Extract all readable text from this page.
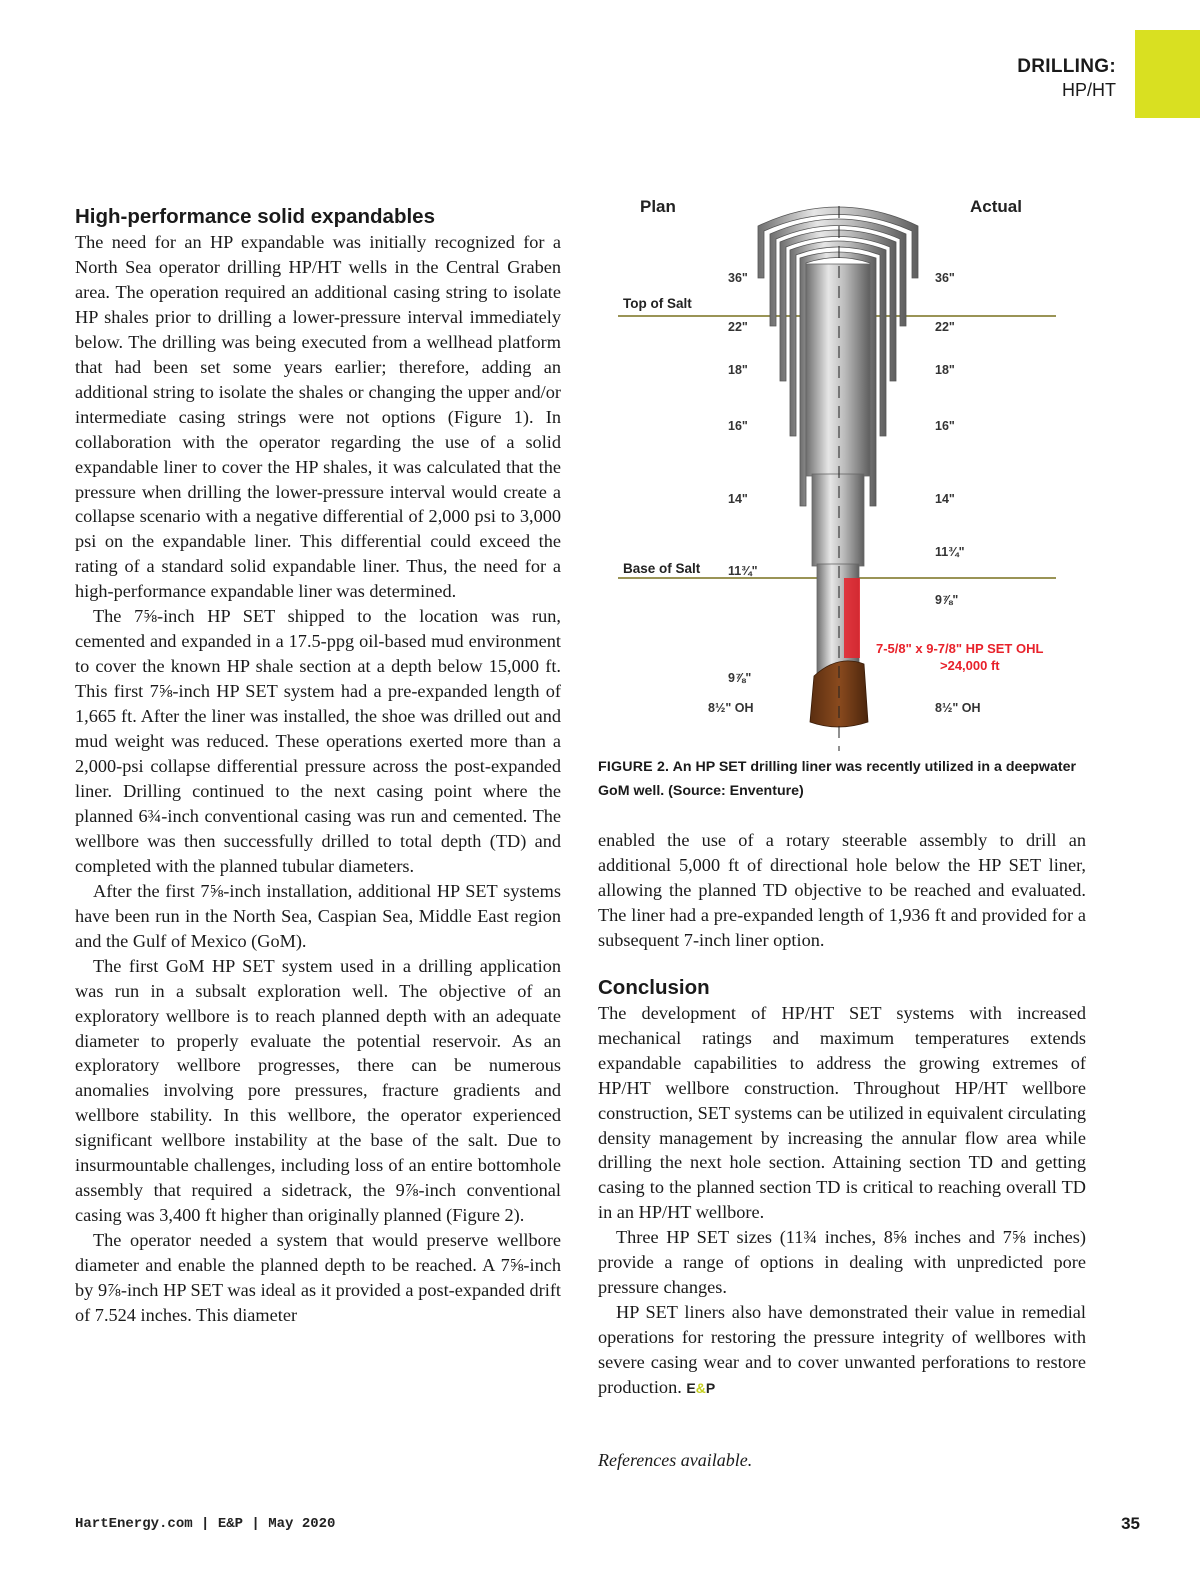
DRILLING:
HP/HT
High-performance solid expandables

The need for an HP expandable was initially recognized for a North Sea operator drilling HP/HT wells in the Central Graben area. The operation required an additional casing string to isolate HP shales prior to drilling a lower-pressure interval immediately below. The drilling was being executed from a wellhead platform that had been set some years earlier; therefore, adding an additional string to isolate the shales or changing the upper and/or intermediate casing strings were not options (Figure 1). In collaboration with the operator regarding the use of a solid expandable liner to cover the HP shales, it was calculated that the pressure when drilling the lower-pressure interval would create a collapse scenario with a negative differential of 2,000 psi to 3,000 psi on the expandable liner. This differential could exceed the rating of a standard solid expandable liner. Thus, the need for a high-performance expandable liner was determined.

The 7⅝-inch HP SET shipped to the location was run, cemented and expanded in a 17.5-ppg oil-based mud environment to cover the known HP shale section at a depth below 15,000 ft. This first 7⅝-inch HP SET system had a pre-expanded length of 1,665 ft. After the liner was installed, the shoe was drilled out and mud weight was reduced. These operations exerted more than a 2,000-psi collapse differential pressure across the post-expanded liner. Drilling continued to the next casing point where the planned 6¾-inch conventional casing was run and cemented. The wellbore was then successfully drilled to total depth (TD) and completed with the planned tubular diameters.

After the first 7⅝-inch installation, additional HP SET systems have been run in the North Sea, Caspian Sea, Middle East region and the Gulf of Mexico (GoM).

The first GoM HP SET system used in a drilling application was run in a subsalt exploration well. The objective of an exploratory wellbore is to reach planned depth with an adequate diameter to properly evaluate the potential reservoir. As an exploratory wellbore progresses, there can be numerous anomalies involving pore pressures, fracture gradients and wellbore stability. In this wellbore, the operator experienced significant wellbore instability at the base of the salt. Due to insurmountable challenges, including loss of an entire bottomhole assembly that required a sidetrack, the 9⅞-inch conventional casing was 3,400 ft higher than originally planned (Figure 2).

The operator needed a system that would preserve wellbore diameter and enable the planned depth to be reached. A 7⅝-inch by 9⅞-inch HP SET was ideal as it provided a post-expanded drift of 7.524 inches. This diameter

Plan	Actual
Top of Salt
Base of Salt
36"
22"
18"
16"
14"
11¾"
9⅞"
8½" OH
36"
22"
18"
16"
14"
11¾"
9⅞"
8½" OH
7-5/8" x 9-7/8" HP SET OHL
>24,000 ft
FIGURE 2. An HP SET drilling liner was recently utilized in a deepwater GoM well. (Source: Enventure)

enabled the use of a rotary steerable assembly to drill an additional 5,000 ft of directional hole below the HP SET liner, allowing the planned TD objective to be reached and evaluated. The liner had a pre-expanded length of 1,936 ft and provided for a subsequent 7-inch liner option.

Conclusion

The development of HP/HT SET systems with increased mechanical ratings and maximum temperatures extends expandable capabilities to address the growing extremes of HP/HT wellbore construction. Throughout HP/HT wellbore construction, SET systems can be utilized in equivalent circulating density management by increasing the annular flow area while drilling the next hole section. Attaining section TD and getting casing to the planned section TD is critical to reaching overall TD in an HP/HT wellbore.

Three HP SET sizes (11¾ inches, 8⅝ inches and 7⅝ inches) provide a range of options in dealing with unpredicted pore pressure changes.

HP SET liners also have demonstrated their value in remedial operations for restoring the pressure integrity of wellbores with severe casing wear and to cover unwanted perforations to restore production. E&P

References available.
HartEnergy.com | E&P | May 2020	35
